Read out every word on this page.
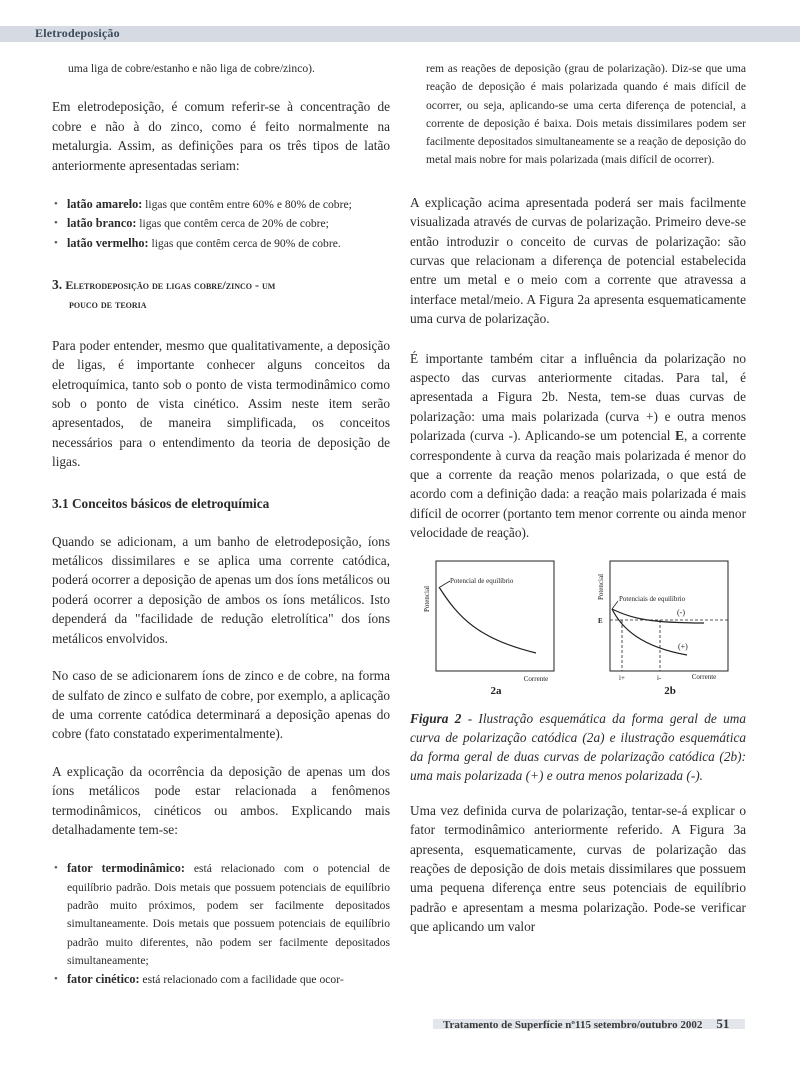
Eletrodeposição

uma liga de cobre/estanho e não liga de cobre/zinco).

Em eletrodeposição, é comum referir-se à concentração de cobre e não à do zinco, como é feito normalmente na metalurgia. Assim, as definições para os três tipos de latão anteriormente apresentadas seriam:

• latão amarelo: ligas que contêm entre 60% e 80% de cobre;
• latão branco: ligas que contêm cerca de 20% de cobre;
• latão vermelho: ligas que contêm cerca de 90% de cobre.
3. Eletrodeposição de ligas cobre/zinco - um
pouco de teoria

Para poder entender, mesmo que qualitativamente, a deposição de ligas, é importante conhecer alguns conceitos da eletroquímica, tanto sob o ponto de vista termodinâmico como sob o ponto de vista cinético. Assim neste item serão apresentados, de maneira simplificada, os conceitos necessários para o entendimento da teoria de deposição de ligas.

3.1 Conceitos básicos de eletroquímica

Quando se adicionam, a um banho de eletrodeposição, íons metálicos dissimilares e se aplica uma corrente catódica, poderá ocorrer a deposição de apenas um dos íons metálicos ou poderá ocorrer a deposição de ambos os íons metálicos. Isto dependerá da "facilidade de redução eletrolítica" dos íons metálicos envolvidos.

No caso de se adicionarem íons de zinco e de cobre, na forma de sulfato de zinco e sulfato de cobre, por exemplo, a aplicação de uma corrente catódica determinará a deposição apenas do cobre (fato constatado experimentalmente).

A explicação da ocorrência da deposição de apenas um dos íons metálicos pode estar relacionada a fenômenos termodinâmicos, cinéticos ou ambos. Explicando mais detalhadamente tem-se:

• fator termodinâmico: está relacionado com o potencial de equilíbrio padrão. Dois metais que possuem potenciais de equilíbrio padrão muito próximos, podem ser facilmente depositados simultaneamente. Dois metais que possuem potenciais de equilíbrio padrão muito diferentes, não podem ser facilmente depositados simultaneamente;
• fator cinético: está relacionado com a facilidade que ocor-

rem as reações de deposição (grau de polarização). Diz-se que uma reação de deposição é mais polarizada quando é mais difícil de ocorrer, ou seja, aplicando-se uma certa diferença de potencial, a corrente de deposição é baixa. Dois metais dissimilares podem ser facilmente depositados simultaneamente se a reação de deposição do metal mais nobre for mais polarizada (mais difícil de ocorrer).

A explicação acima apresentada poderá ser mais facilmente visualizada através de curvas de polarização. Primeiro deve-se então introduzir o conceito de curvas de polarização: são curvas que relacionam a diferença de potencial estabelecida entre um metal e o meio com a corrente que atravessa a interface metal/meio. A Figura 2a apresenta esquematicamente uma curva de polarização.

É importante também citar a influência da polarização no aspecto das curvas anteriormente citadas. Para tal, é apresentada a Figura 2b. Nesta, tem-se duas curvas de polarização: uma mais polarizada (curva +) e outra menos polarizada (curva -). Aplicando-se um potencial E, a corrente correspondente à curva da reação mais polarizada é menor do que a corrente da reação menos polarizada, o que está de acordo com a definição dada: a reação mais polarizada é mais difícil de ocorrer (portanto tem menor corrente ou ainda menor velocidade de reação).

Potencial
Potencial de equilíbrio
Corrente
2a
Potencial Potenciais de equilíbrio
E
(-)
(+)
i+	i-	Corrente
2b

Figura 2 - Ilustração esquemática da forma geral de uma curva de polarização catódica (2a) e ilustração esquemática da forma geral de duas curvas de polarização catódica (2b): uma mais polarizada (+) e outra menos polarizada (-).

Uma vez definida curva de polarização, tentar-se-á explicar o fator termodinâmico anteriormente referido. A Figura 3a apresenta, esquematicamente, curvas de polarização das reações de deposição de dois metais dissimilares que possuem uma pequena diferença entre seus potenciais de equilíbrio padrão e apresentam a mesma polarização. Pode-se verificar que aplicando um valor

Tratamento de Superfície nº115 setembro/outubro 2002 51
